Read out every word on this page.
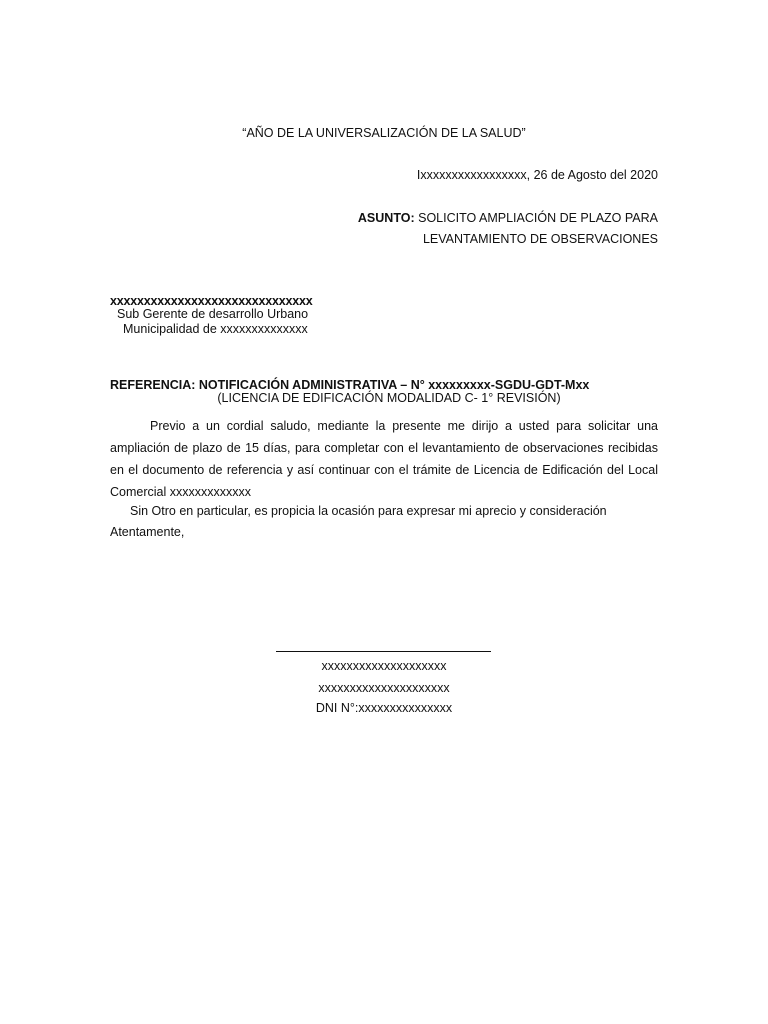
“AÑO DE LA UNIVERSALIZACIÓN DE LA SALUD”
Ixxxxxxxxxxxxxxxxx, 26 de Agosto del 2020
ASUNTO: SOLICITO AMPLIACIÓN DE PLAZO PARA
LEVANTAMIENTO DE OBSERVACIONES
xxxxxxxxxxxxxxxxxxxxxxxxxxxxxx
Sub Gerente de desarrollo Urbano
Municipalidad de xxxxxxxxxxxxxx
REFERENCIA: NOTIFICACIÓN ADMINISTRATIVA – N° xxxxxxxxx-SGDU-GDT-Mxx
(LICENCIA DE EDIFICACIÓN MODALIDAD C- 1° REVISIÓN)
Previo a un cordial saludo, mediante la presente me dirijo a usted para solicitar una ampliación de plazo de 15 días, para completar con el levantamiento de observaciones recibidas en el documento de referencia y así continuar con el trámite de Licencia de Edificación del Local Comercial xxxxxxxxxxxxx
Sin Otro en particular, es propicia la ocasión para expresar mi aprecio y consideración
Atentamente,
xxxxxxxxxxxxxxxxxxxx
xxxxxxxxxxxxxxxxxxxxx
DNI N°:xxxxxxxxxxxxxxx
